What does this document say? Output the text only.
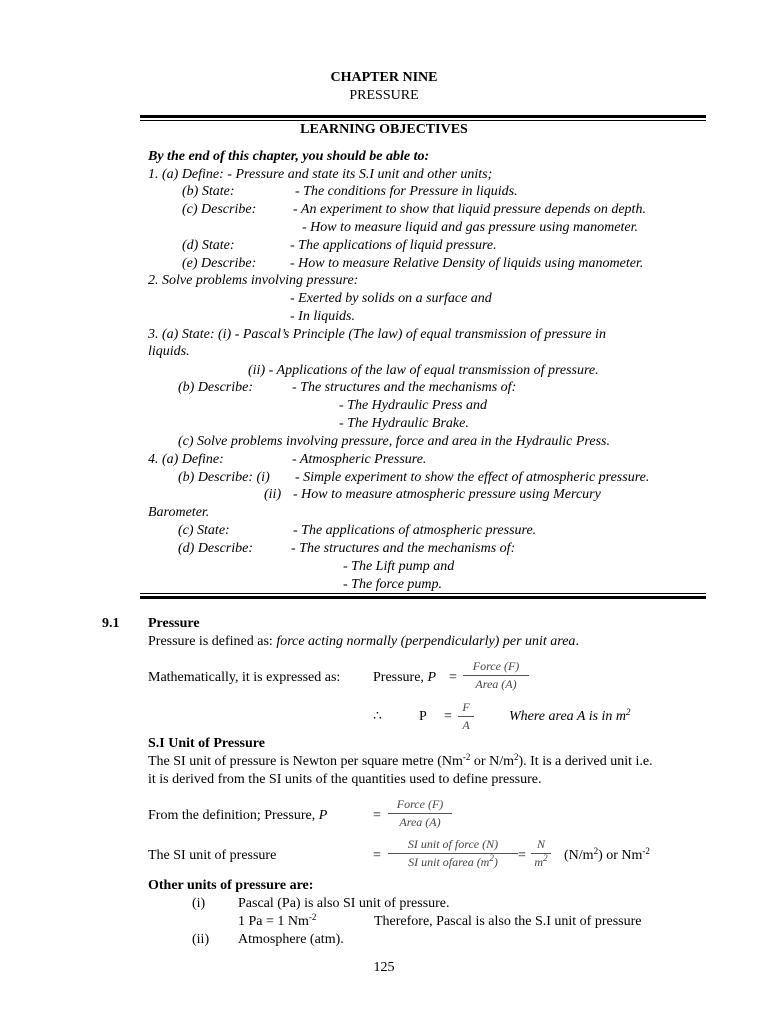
CHAPTER NINE
PRESSURE
LEARNING OBJECTIVES
By the end of this chapter, you should be able to:
1. (a) Define: - Pressure and state its S.I unit and other units;
(b) State:	- The conditions for Pressure in liquids.
(c) Describe:	- An experiment to show that liquid pressure depends on depth.
- How to measure liquid and gas pressure using manometer.
(d) State:	- The applications of liquid pressure.
(e) Describe: - How to measure Relative Density of liquids using manometer.
2. Solve problems involving pressure:
- Exerted by solids on a surface and
- In liquids.
3. (a) State: (i) - Pascal’s Principle (The law) of equal transmission of pressure in
liquids.
(ii) - Applications of the law of equal transmission of pressure.
(b) Describe:	- The structures and the mechanisms of:
- The Hydraulic Press and
- The Hydraulic Brake.
(c) Solve problems involving pressure, force and area in the Hydraulic Press.
4. (a) Define:	- Atmospheric Pressure.
(b) Describe: (i) - Simple experiment to show the effect of atmospheric pressure.
(ii) - How to measure atmospheric pressure using Mercury
Barometer.
(c) State:	- The applications of atmospheric pressure.
(d) Describe:	- The structures and the mechanisms of:
- The Lift pump and
- The force pump.
9.1 Pressure
Pressure is defined as: force acting normally (perpendicularly) per unit area.
Mathematically, it is expressed as: Pressure, P =
Force (F)
Area (A)
∴	P =
F
A
Where area A is in $m^2$
S.I Unit of Pressure
The SI unit of pressure is Newton per square metre ($Nm^{-2}$ or $N/m^2$). It is a derived unit i.e.
it is derived from the SI units of the quantities used to define pressure.
From the definition; Pressure, P	=
Force (F)
Area (A)
The SI unit of pressure	=
SI unit of force (N)
SI unit ofarea $(m^2)$	=
N
$m^2$ $(N/m^2)$ or $Nm^{-2}$
Other units of pressure are:
(i) Pascal (Pa) is also SI unit of pressure.
1 Pa = 1 $Nm^{-2}$	Therefore, Pascal is also the S.I unit of pressure
(ii) Atmosphere (atm).
125
